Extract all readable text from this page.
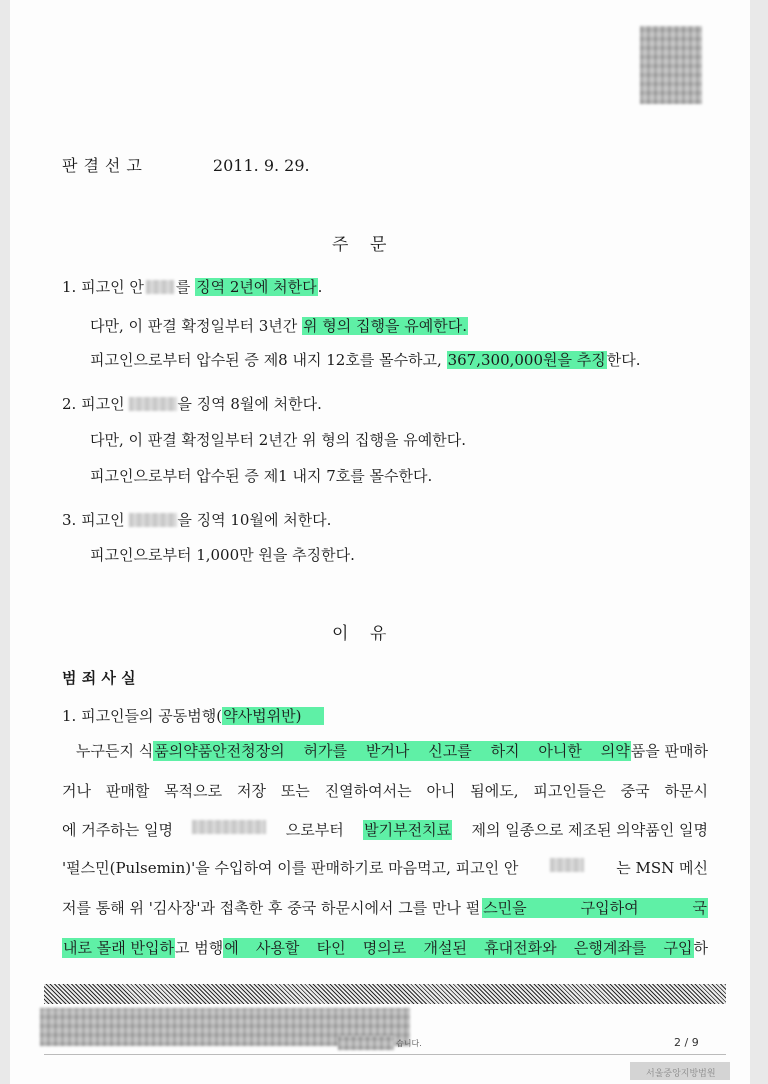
판결선고	2011. 9. 29.
주    문
1. 피고인 안 를 징역 2년에 처한다.
다만, 이 판결 확정일부터 3년간 위 형의 집행을 유예한다.
피고인으로부터 압수된 증 제8 내지 12호를 몰수하고, 367,300,000원을 추징한다.
2. 피고인	을 징역 8월에 처한다.
다만, 이 판결 확정일부터 2년간 위 형의 집행을 유예한다.
피고인으로부터 압수된 증 제1 내지 7호를 몰수한다.
3. 피고인	을 징역 10월에 처한다.
피고인으로부터 1,000만 원을 추징한다.
이    유
범 죄 사 실
1. 피고인들의 공동범행(약사법위반)
누구든지 식 품의약품안전청장의 허가를 받거나 신고를 하지 아니한 의약 품을 판매하
거나 판매할 목적으로 저장 또는 진열하여서는 아니 됨에도, 피고인들은 중국 하문시
에 거주하는 일명	으로부터 발기부전치료 제의 일종으로 제조된 의약품인 일명
'펄스민(Pulsemin)'을 수입하여 이를 판매하기로 마음먹고, 피고인 안	는 MSN 메신
저를 통해 위 '김사장'과 접촉한 후 중국 하문시에서 그를 만나 펄 스민을 구입하여 국
내로 몰래 반입하 고 범행 에 사용할 타인 명의로 개설된 휴대전화와 은행계좌를 구입 하
습니다.	2 / 9
서울중앙지방법원
